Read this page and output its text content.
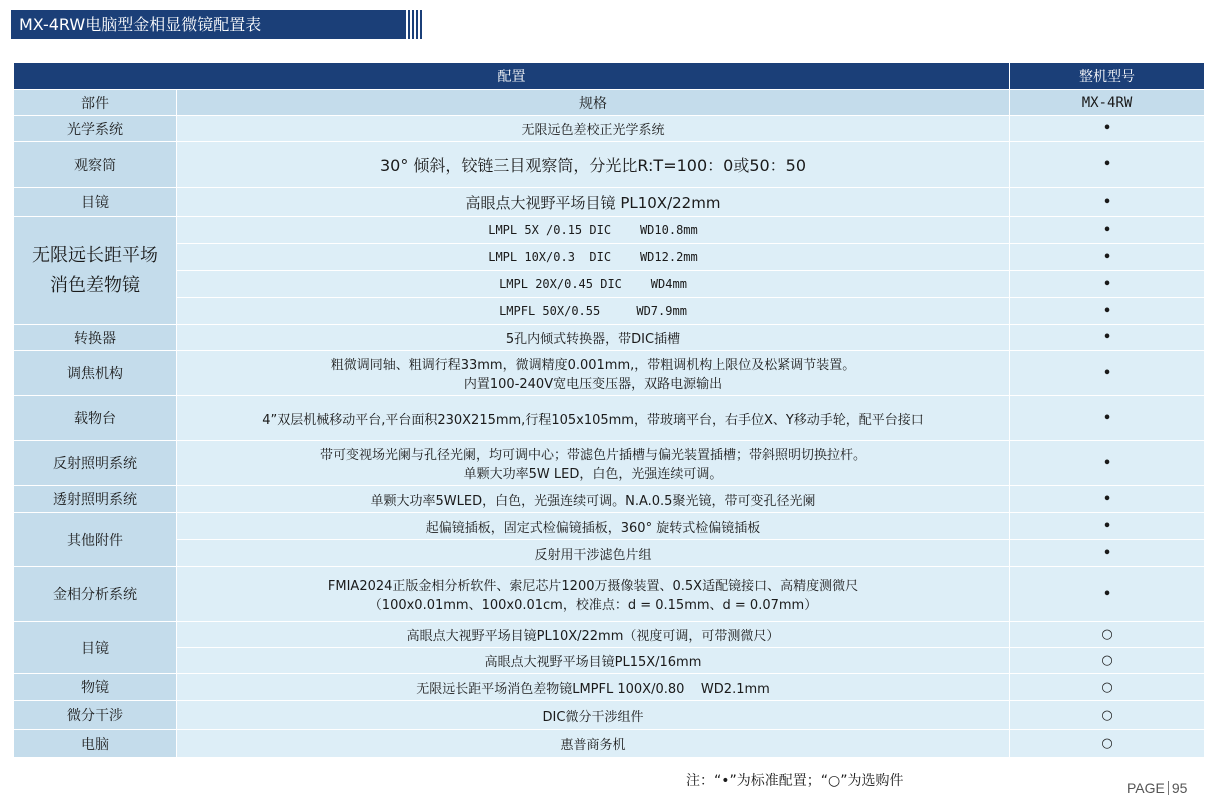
MX-4RW电脑型金相显微镜配置表
配置		整机型号
部件	规格	MX-4RW
光学系统	无限远色差校正光学系统	•
观察筒	30° 倾斜，铰链三目观察筒，分光比R:T=100：0或50：50	•
目镜	高眼点大视野平场目镜 PL10X/22mm	•

无限远长距平场
消色差物镜	LMPL 5X /0.15 DIC    WD10.8mm	•
	LMPL 10X/0.3  DIC    WD12.2mm	•
	LMPL 20X/0.45 DIC    WD4mm	•
	LMPFL 50X/0.55     WD7.9mm	•
转换器	5孔内倾式转换器，带DIC插槽	•
调焦机构	粗微调同轴、粗调行程33mm，微调精度0.001mm,，带粗调机构上限位及松紧调节装置。
内置100-240V宽电压变压器，双路电源输出	•
载物台	4”双层机械移动平台,平台面积230X215mm,行程105x105mm，带玻璃平台，右手位X、Y移动手轮，配平台接口	•
反射照明系统	带可变视场光阑与孔径光阑，均可调中心；带滤色片插槽与偏光装置插槽；带斜照明切换拉杆。
单颗大功率5W LED，白色，光强连续可调。	•
透射照明系统	单颗大功率5WLED，白色，光强连续可调。N.A.0.5聚光镜，带可变孔径光阑	•
其他附件	起偏镜插板，固定式检偏镜插板，360° 旋转式检偏镜插板	•
	反射用干涉滤色片组	•
金相分析系统	FMIA2024正版金相分析软件、索尼芯片1200万摄像装置、0.5X适配镜接口、高精度测微尺
（100x0.01mm、100x0.01cm，校准点：d = 0.15mm、d = 0.07mm）	•
目镜	高眼点大视野平场目镜PL10X/22mm（视度可调，可带测微尺）	○
	高眼点大视野平场目镜PL15X/16mm	○
物镜	无限远长距平场消色差物镜LMPFL 100X/0.80    WD2.1mm	○
微分干涉	DIC微分干涉组件	○
电脑	惠普商务机	○
注：“•”为标准配置；“○”为选购件	PAGE 95
